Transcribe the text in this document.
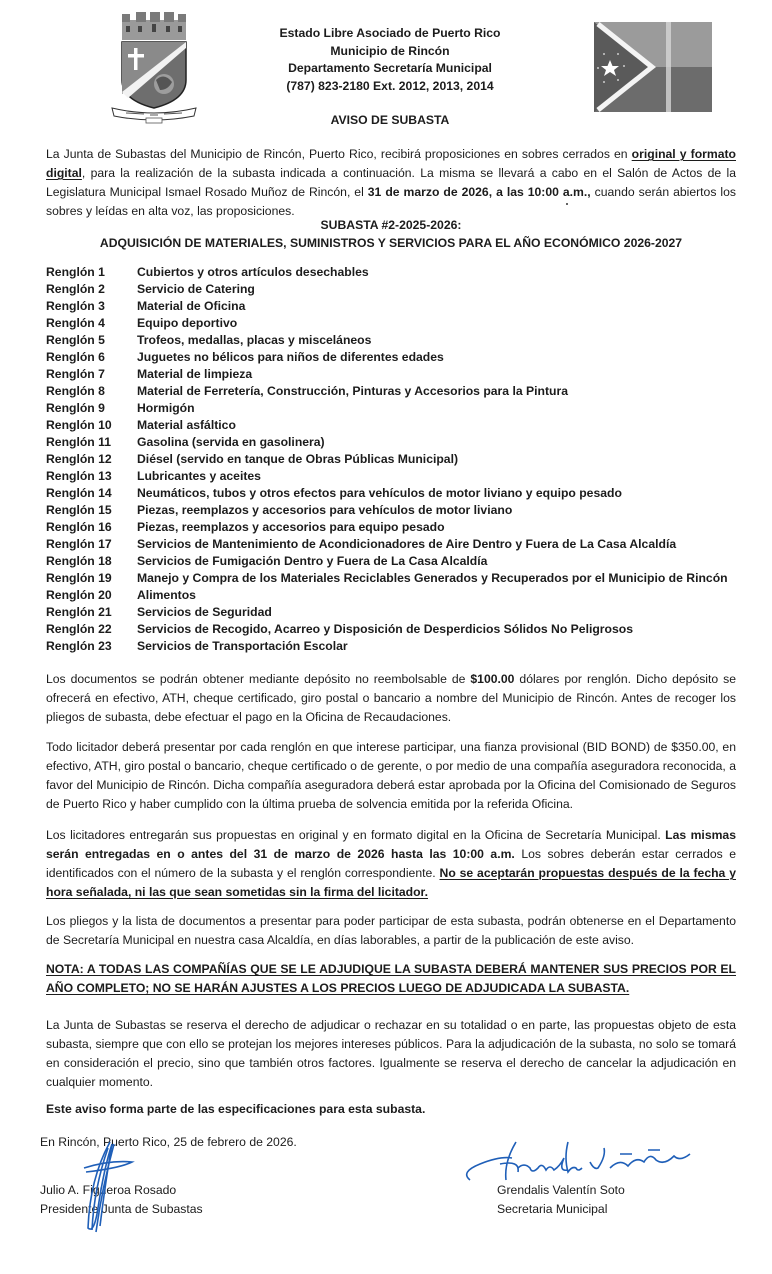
Estado Libre Asociado de Puerto Rico
Municipio de Rincón
Departamento Secretaría Municipal
(787) 823-2180 Ext. 2012, 2013, 2014
AVISO DE SUBASTA
La Junta de Subastas del Municipio de Rincón, Puerto Rico, recibirá proposiciones en sobres cerrados en original y formato digital, para la realización de la subasta indicada a continuación. La misma se llevará a cabo en el Salón de Actos de la Legislatura Municipal Ismael Rosado Muñoz de Rincón, el 31 de marzo de 2026, a las 10:00 a.m., cuando serán abiertos los sobres y leídas en alta voz, las proposiciones.
SUBASTA #2-2025-2026:
ADQUISICIÓN DE MATERIALES, SUMINISTROS Y SERVICIOS PARA EL AÑO ECONÓMICO 2026-2027
Renglón 1	Cubiertos y otros artículos desechables
Renglón 2	Servicio de Catering
Renglón 3	Material de Oficina
Renglón 4	Equipo deportivo
Renglón 5	Trofeos, medallas, placas y misceláneos
Renglón 6	Juguetes no bélicos para niños de diferentes edades
Renglón 7	Material de limpieza
Renglón 8	Material de Ferretería, Construcción, Pinturas y Accesorios para la Pintura
Renglón 9	Hormigón
Renglón 10	Material asfáltico
Renglón 11	Gasolina (servida en gasolinera)
Renglón 12	Diésel (servido en tanque de Obras Públicas Municipal)
Renglón 13	Lubricantes y aceites
Renglón 14	Neumáticos, tubos y otros efectos para vehículos de motor liviano y equipo pesado
Renglón 15	Piezas, reemplazos y accesorios para vehículos de motor liviano
Renglón 16	Piezas, reemplazos y accesorios para equipo pesado
Renglón 17	Servicios de Mantenimiento de Acondicionadores de Aire Dentro y Fuera de La Casa Alcaldía
Renglón 18	Servicios de Fumigación Dentro y Fuera de La Casa Alcaldía
Renglón 19	Manejo y Compra de los Materiales Reciclables Generados y Recuperados por el Municipio de Rincón
Renglón 20	Alimentos
Renglón 21	Servicios de Seguridad
Renglón 22	Servicios de Recogido, Acarreo y Disposición de Desperdicios Sólidos No Peligrosos
Renglón 23	Servicios de Transportación Escolar
Los documentos se podrán obtener mediante depósito no reembolsable de $100.00 dólares por renglón. Dicho depósito se ofrecerá en efectivo, ATH, cheque certificado, giro postal o bancario a nombre del Municipio de Rincón. Antes de recoger los pliegos de subasta, debe efectuar el pago en la Oficina de Recaudaciones.
Todo licitador deberá presentar por cada renglón en que interese participar, una fianza provisional (BID BOND) de $350.00, en efectivo, ATH, giro postal o bancario, cheque certificado o de gerente, o por medio de una compañía aseguradora reconocida, a favor del Municipio de Rincón. Dicha compañía aseguradora deberá estar aprobada por la Oficina del Comisionado de Seguros de Puerto Rico y haber cumplido con la última prueba de solvencia emitida por la referida Oficina.
Los licitadores entregarán sus propuestas en original y en formato digital en la Oficina de Secretaría Municipal. Las mismas serán entregadas en o antes del 31 de marzo de 2026 hasta las 10:00 a.m. Los sobres deberán estar cerrados e identificados con el número de la subasta y el renglón correspondiente. No se aceptarán propuestas después de la fecha y hora señalada, ni las que sean sometidas sin la firma del licitador.
Los pliegos y la lista de documentos a presentar para poder participar de esta subasta, podrán obtenerse en el Departamento de Secretaría Municipal en nuestra casa Alcaldía, en días laborables, a partir de la publicación de este aviso.
NOTA: A TODAS LAS COMPAÑÍAS QUE SE LE ADJUDIQUE LA SUBASTA DEBERÁ MANTENER SUS PRECIOS POR EL AÑO COMPLETO; NO SE HARÁN AJUSTES A LOS PRECIOS LUEGO DE ADJUDICADA LA SUBASTA.
La Junta de Subastas se reserva el derecho de adjudicar o rechazar en su totalidad o en parte, las propuestas objeto de esta subasta, siempre que con ello se protejan los mejores intereses públicos. Para la adjudicación de la subasta, no solo se tomará en consideración el precio, sino que también otros factores. Igualmente se reserva el derecho de cancelar la adjudicación en cualquier momento.
Este aviso forma parte de las especificaciones para esta subasta.
En Rincón, Puerto Rico, 25 de febrero de 2026.
Julio A. Figueroa Rosado
Presidente Junta de Subastas
Grendalis Valentín Soto
Secretaria Municipal
